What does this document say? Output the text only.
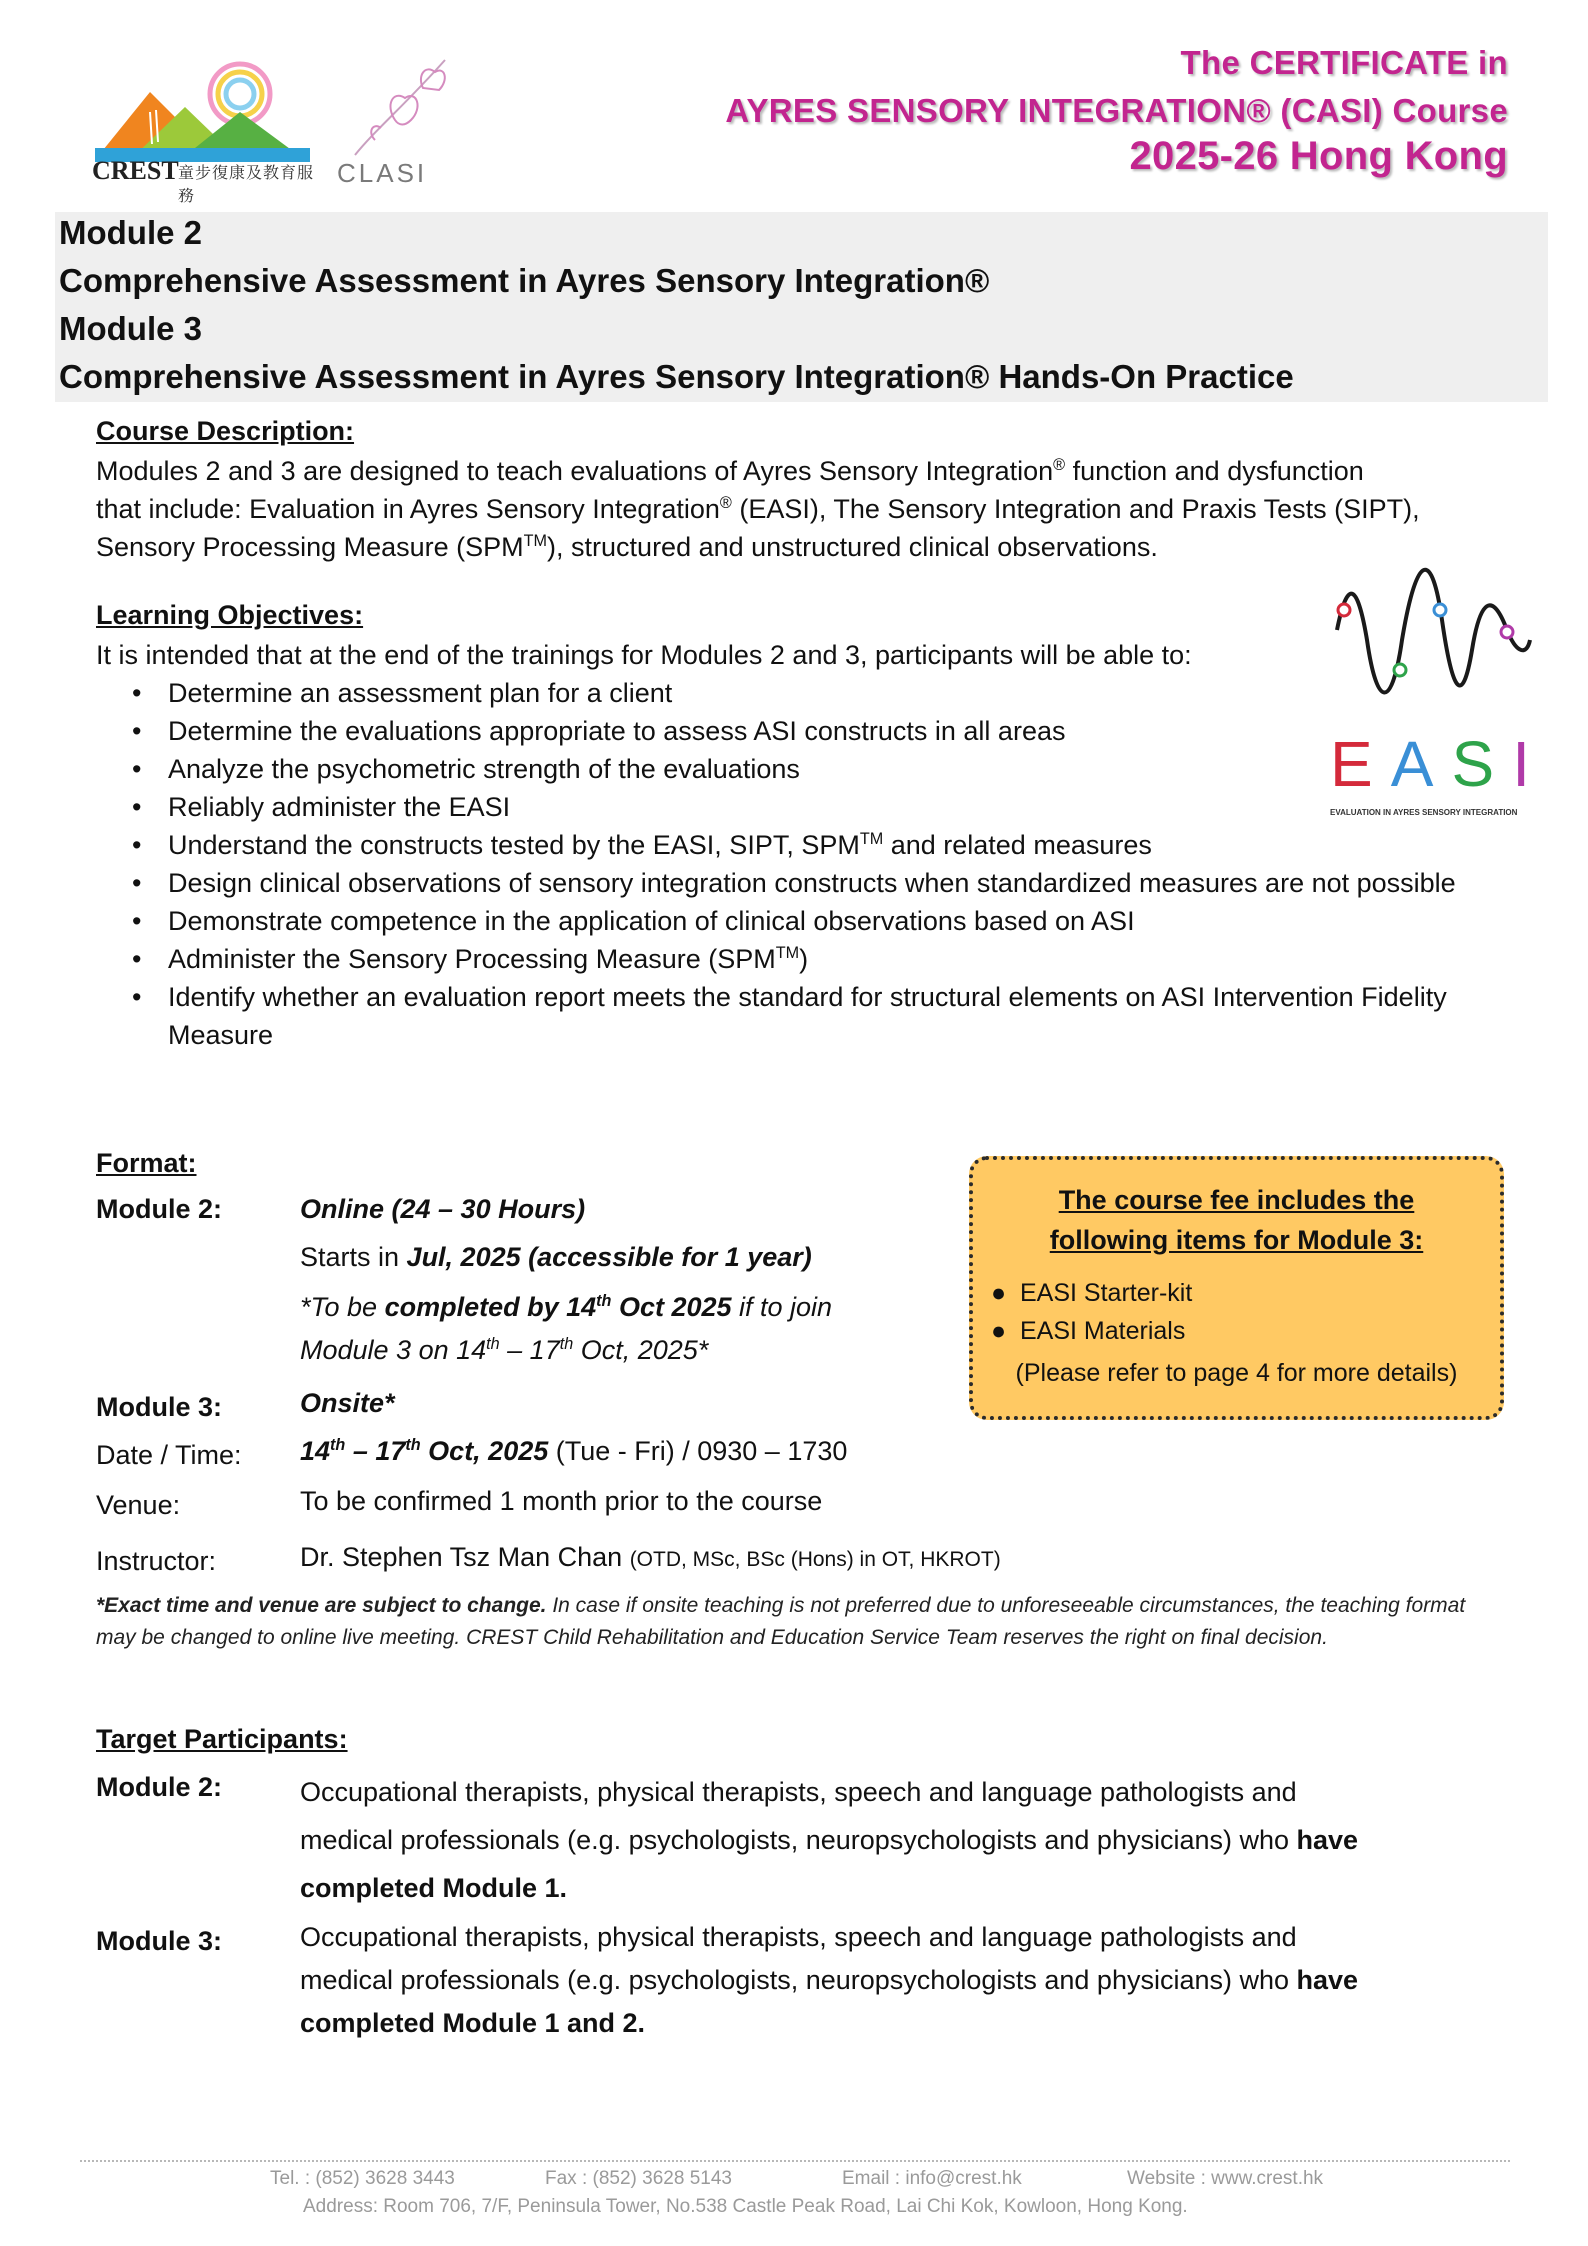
CREST 童步復康及教育服務
CLASI
The CERTIFICATE in
AYRES SENSORY INTEGRATION® (CASI) Course
2025-26 Hong Kong
Module 2
Comprehensive Assessment in Ayres Sensory Integration®
Module 3
Comprehensive Assessment in Ayres Sensory Integration® Hands-On Practice
Course Description:
Modules 2 and 3 are designed to teach evaluations of Ayres Sensory Integration® function and dysfunction
that include: Evaluation in Ayres Sensory Integration® (EASI), The Sensory Integration and Praxis Tests (SIPT),
Sensory Processing Measure (SPM™), structured and unstructured clinical observations.
Learning Objectives:
It is intended that at the end of the trainings for Modules 2 and 3, participants will be able to:
• Determine an assessment plan for a client
• Determine the evaluations appropriate to assess ASI constructs in all areas
• Analyze the psychometric strength of the evaluations
• Reliably administer the EASI
• Understand the constructs tested by the EASI, SIPT, SPM™ and related measures
• Design clinical observations of sensory integration constructs when standardized measures are not possible
• Demonstrate competence in the application of clinical observations based on ASI
• Administer the Sensory Processing Measure (SPM™)
• Identify whether an evaluation report meets the standard for structural elements on ASI Intervention Fidelity Measure
E A S I
EVALUATION IN AYRES SENSORY INTEGRATION
Format:
Module 2:	Online (24 – 30 Hours)
Starts in Jul, 2025 (accessible for 1 year)
*To be completed by 14th Oct 2025 if to join
Module 3 on 14th – 17th Oct, 2025*
Module 3:	Onsite*
Date / Time: 14th – 17th Oct, 2025 (Tue - Fri) / 0930 – 1730
Venue:	To be confirmed 1 month prior to the course
Instructor:	Dr. Stephen Tsz Man Chan (OTD, MSc, BSc (Hons) in OT, HKROT)
*Exact time and venue are subject to change. In case if onsite teaching is not preferred due to unforeseeable circumstances, the teaching format may be changed to online live meeting. CREST Child Rehabilitation and Education Service Team reserves the right on final decision.
The course fee includes the
following items for Module 3:
●  EASI Starter-kit
●  EASI Materials
(Please refer to page 4 for more details)
Target Participants:
Module 2:	Occupational therapists, physical therapists, speech and language pathologists and
medical professionals (e.g. psychologists, neuropsychologists and physicians) who have
completed Module 1.
Module 3:	Occupational therapists, physical therapists, speech and language pathologists and
medical professionals (e.g. psychologists, neuropsychologists and physicians) who have
completed Module 1 and 2.
Tel. : (852) 3628 3443	Fax : (852) 3628 5143	Email : info@crest.hk	Website : www.crest.hk
Address: Room 706, 7/F, Peninsula Tower, No.538 Castle Peak Road, Lai Chi Kok, Kowloon, Hong Kong.
